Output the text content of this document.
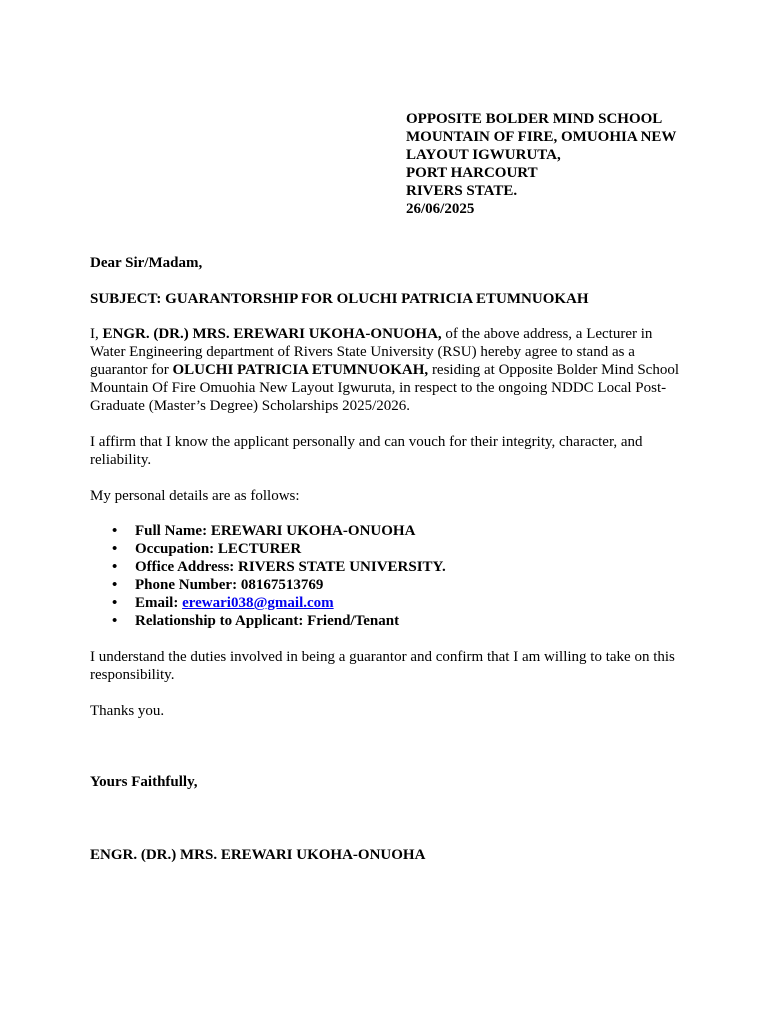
OPPOSITE BOLDER MIND SCHOOL
MOUNTAIN OF FIRE, OMUOHIA NEW
LAYOUT IGWURUTA,
PORT HARCOURT
RIVERS STATE.
26/06/2025
Dear Sir/Madam,
SUBJECT: GUARANTORSHIP FOR OLUCHI PATRICIA ETUMNUOKAH
I, ENGR. (DR.) MRS. EREWARI UKOHA-ONUOHA, of the above address, a Lecturer in Water Engineering department of Rivers State University (RSU) hereby agree to stand as a guarantor for OLUCHI PATRICIA ETUMNUOKAH, residing at Opposite Bolder Mind School Mountain Of Fire Omuohia New Layout Igwuruta, in respect to the ongoing NDDC Local Post-Graduate (Master’s Degree) Scholarships 2025/2026.
I affirm that I know the applicant personally and can vouch for their integrity, character, and reliability.
My personal details are as follows:
• Full Name: EREWARI UKOHA-ONUOHA
• Occupation: LECTURER
• Office Address: RIVERS STATE UNIVERSITY.
• Phone Number: 08167513769
• Email: erewari038@gmail.com
• Relationship to Applicant: Friend/Tenant
I understand the duties involved in being a guarantor and confirm that I am willing to take on this responsibility.
Thanks you.
Yours Faithfully,
ENGR. (DR.) MRS. EREWARI UKOHA-ONUOHA
